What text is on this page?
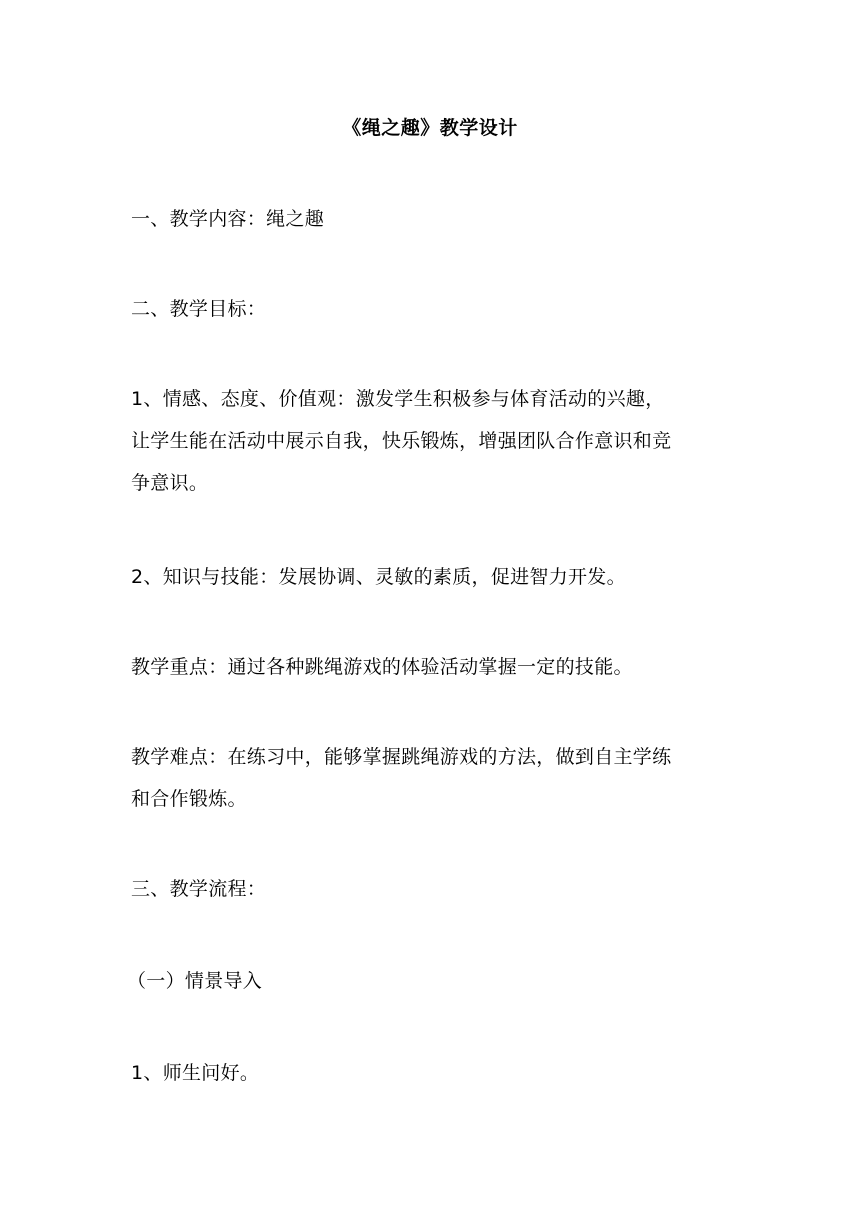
《绳之趣》教学设计
一、教学内容：绳之趣
二、教学目标：
1、情感、态度、价值观：激发学生积极参与体育活动的兴趣，
让学生能在活动中展示自我，快乐锻炼，增强团队合作意识和竞
争意识。
2、知识与技能：发展协调、灵敏的素质，促进智力开发。
教学重点：通过各种跳绳游戏的体验活动掌握一定的技能。
教学难点：在练习中，能够掌握跳绳游戏的方法，做到自主学练
和合作锻炼。
三、教学流程：
（一）情景导入
1、师生问好。
